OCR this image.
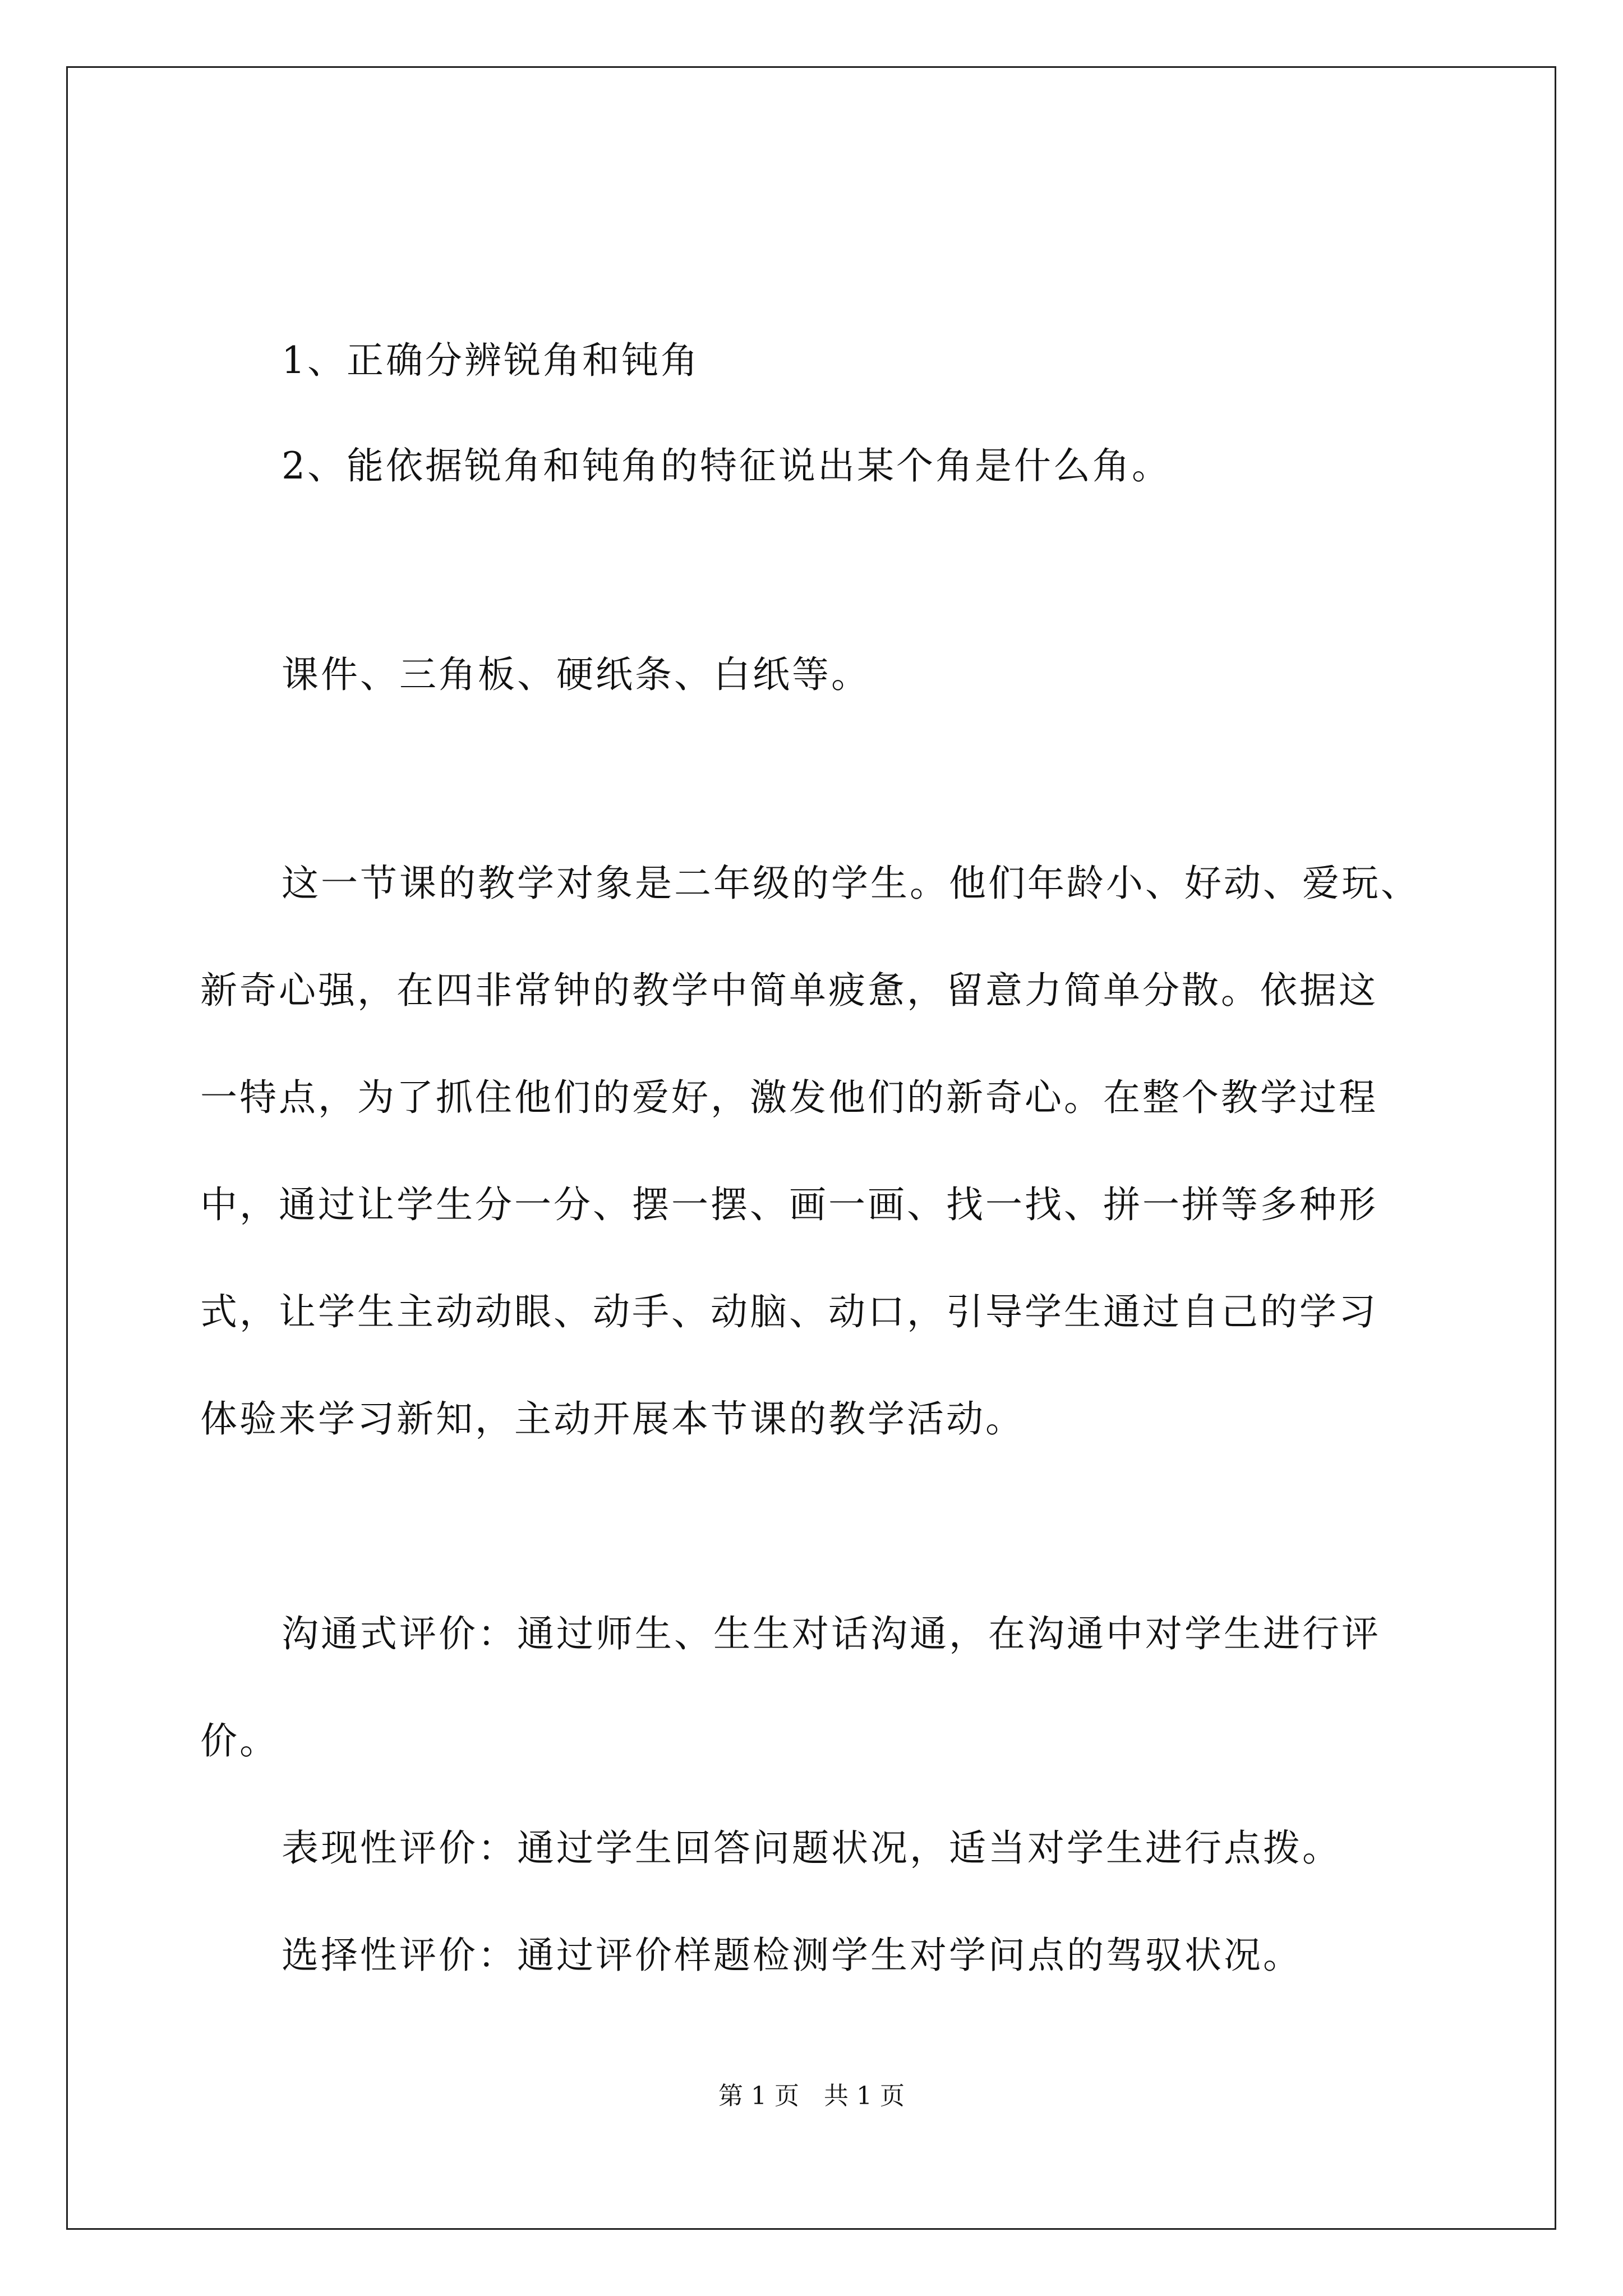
1、正确分辨锐角和钝角
2、能依据锐角和钝角的特征说出某个角是什么角。
课件、三角板、硬纸条、白纸等。
这一节课的教学对象是二年级的学生。他们年龄小、好动、爱玩、
新奇心强，在四非常钟的教学中简单疲惫，留意力简单分散。依据这
一特点，为了抓住他们的爱好，激发他们的新奇心。在整个教学过程
中，通过让学生分一分、摆一摆、画一画、找一找、拼一拼等多种形
式，让学生主动动眼、动手、动脑、动口，引导学生通过自己的学习
体验来学习新知，主动开展本节课的教学活动。
沟通式评价：通过师生、生生对话沟通，在沟通中对学生进行评
价。
表现性评价：通过学生回答问题状况，适当对学生进行点拨。
选择性评价：通过评价样题检测学生对学问点的驾驭状况。
第 1 页　共 1 页
